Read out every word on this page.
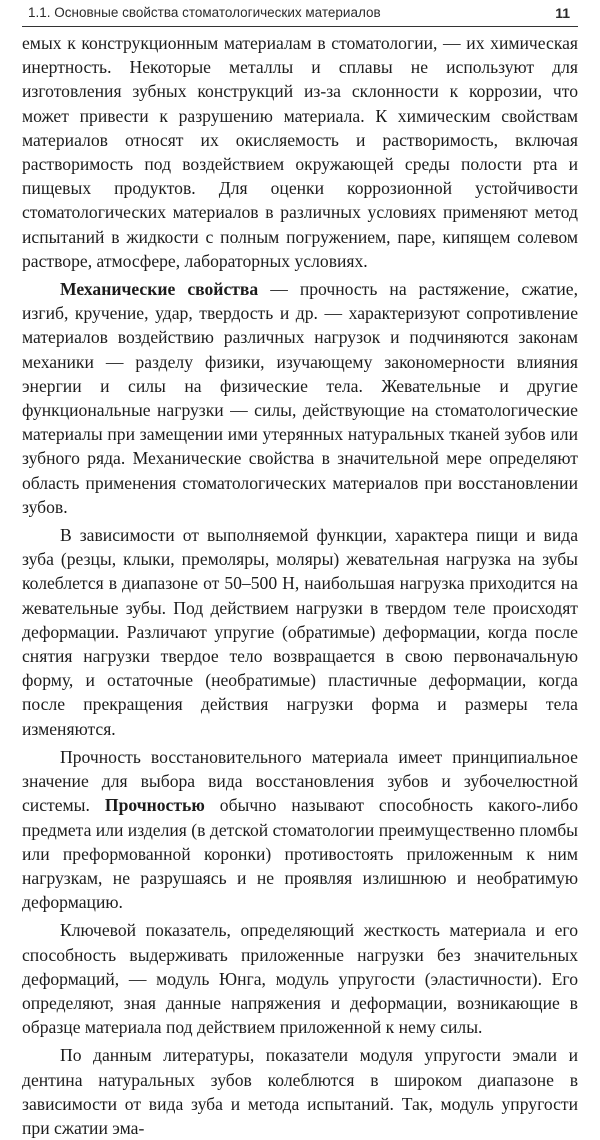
1.1. Основные свойства стоматологических материалов	11

емых к конструкционным материалам в стоматологии, — их химическая инертность. Некоторые металлы и сплавы не используют для изготовления зубных конструкций из-за склонности к коррозии, что может привести к разрушению материала. К химическим свойствам материалов относят их окисляемость и растворимость, включая растворимость под воздействием окружающей среды полости рта и пищевых продуктов. Для оценки коррозионной устойчивости стоматологических материалов в различных условиях применяют метод испытаний в жидкости с полным погружением, паре, кипящем солевом растворе, атмосфере, лабораторных условиях.

Механические свойства — прочность на растяжение, сжатие, изгиб, кручение, удар, твердость и др. — характеризуют сопротивление материалов воздействию различных нагрузок и подчиняются законам механики — разделу физики, изучающему закономерности влияния энергии и силы на физические тела. Жевательные и другие функциональные нагрузки — силы, действующие на стоматологические материалы при замещении ими утерянных натуральных тканей зубов или зубного ряда. Механические свойства в значительной мере определяют область применения стоматологических материалов при восстановлении зубов.

В зависимости от выполняемой функции, характера пищи и вида зуба (резцы, клыки, премоляры, моляры) жевательная нагрузка на зубы колеблется в диапазоне от 50–500 Н, наибольшая нагрузка приходится на жевательные зубы. Под действием нагрузки в твердом теле происходят деформации. Различают упругие (обратимые) деформации, когда после снятия нагрузки твердое тело возвращается в свою первоначальную форму, и остаточные (необратимые) пластичные деформации, когда после прекращения действия нагрузки форма и размеры тела изменяются.

Прочность восстановительного материала имеет принципиальное значение для выбора вида восстановления зубов и зубочелюстной системы. Прочностью обычно называют способность какого-либо предмета или изделия (в детской стоматологии преимущественно пломбы или преформованной коронки) противостоять приложенным к ним нагрузкам, не разрушаясь и не проявляя излишнюю и необратимую деформацию.

Ключевой показатель, определяющий жесткость материала и его способность выдерживать приложенные нагрузки без значительных деформаций, — модуль Юнга, модуль упругости (эластичности). Его определяют, зная данные напряжения и деформации, возникающие в образце материала под действием приложенной к нему силы.

По данным литературы, показатели модуля упругости эмали и дентина натуральных зубов колеблются в широком диапазоне в зависимости от вида зуба и метода испытаний. Так, модуль упругости при сжатии эма-
